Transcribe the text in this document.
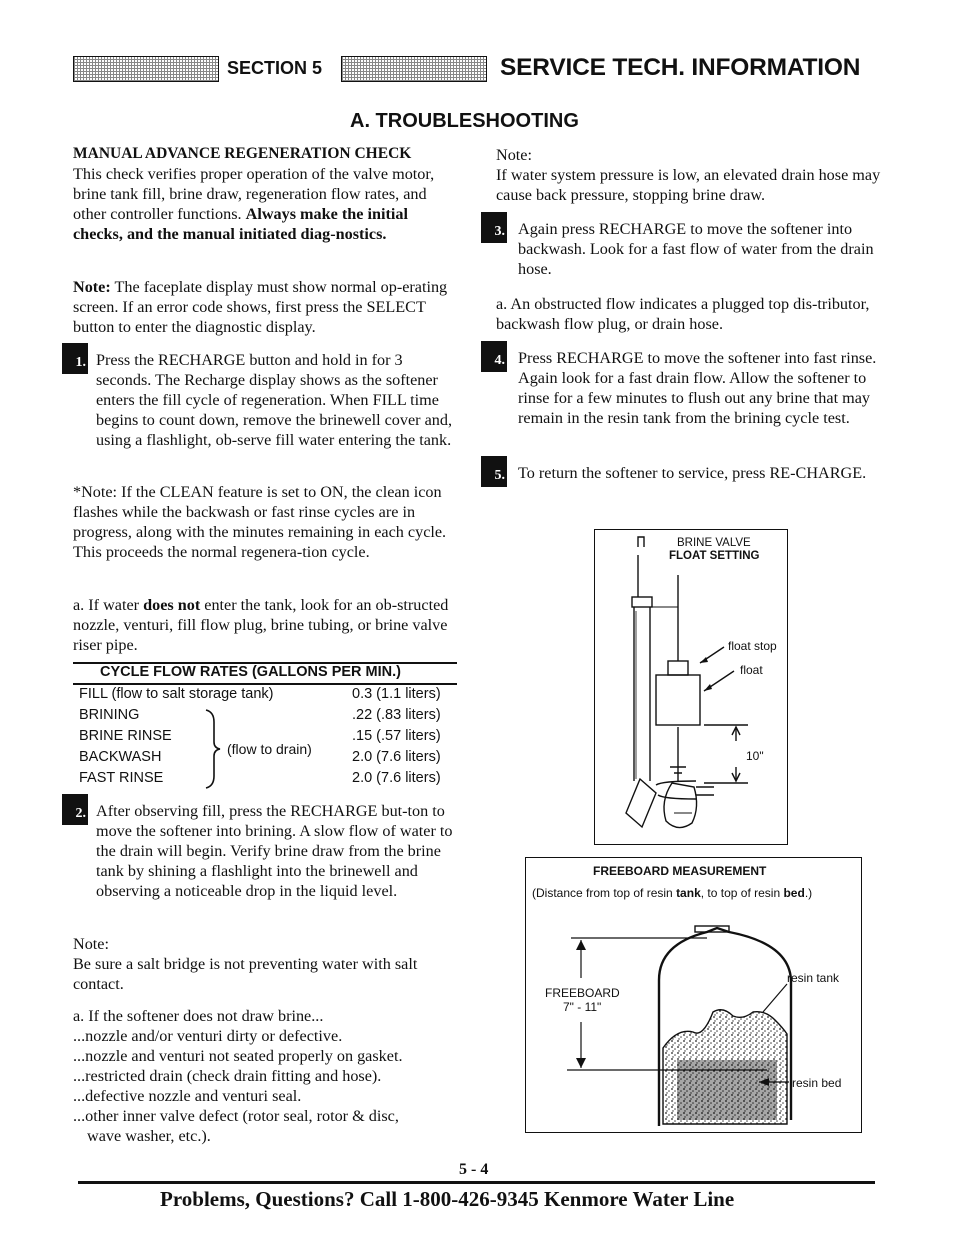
SECTION 5	SERVICE TECH. INFORMATION
A. TROUBLESHOOTING
MANUAL ADVANCE REGENERATION CHECK
This check verifies proper operation of the valve motor, brine tank fill, brine draw, regeneration flow rates, and other controller functions. Always make the initial checks, and the manual initiated diag-nostics.
Note: The faceplate display must show normal op-erating screen. If an error code shows, first press the SELECT button to enter the diagnostic display.
1. Press the RECHARGE button and hold in for 3 seconds. The Recharge display shows as the softener enters the fill cycle of regeneration. When FILL time begins to count down, remove the brinewell cover and, using a flashlight, ob-serve fill water entering the tank.
*Note: If the CLEAN feature is set to ON, the clean icon flashes while the backwash or fast rinse cycles are in progress, along with the minutes remaining in each cycle. This proceeds the normal regenera-tion cycle.
a. If water does not enter the tank, look for an ob-structed nozzle, venturi, fill flow plug, brine tubing, or brine valve riser pipe.
CYCLE FLOW RATES (GALLONS PER MIN.)
FILL (flow to salt storage tank)	0.3 (1.1 liters)
BRINING	.22 (.83 liters)
BRINE RINSE	.15 (.57 liters)
BACKWASH	2.0 (7.6 liters)
FAST RINSE	2.0 (7.6 liters)
(flow to drain)
2. After observing fill, press the RECHARGE but-ton to move the softener into brining. A slow flow of water to the drain will begin. Verify brine draw from the brine tank by shining a flashlight into the brinewell and observing a noticeable drop in the liquid level.
Note:
Be sure a salt bridge is not preventing water with salt contact.
a. If the softener does not draw brine...
...nozzle and/or venturi dirty or defective.
...nozzle and venturi not seated properly on gasket.
...restricted drain (check drain fitting and hose).
...defective nozzle and venturi seal.
...other inner valve defect (rotor seal, rotor & disc,
wave washer, etc.).
Note:
If water system pressure is low, an elevated drain hose may cause back pressure, stopping brine draw.
3. Again press RECHARGE to move the softener into backwash. Look for a fast flow of water from the drain hose.
a. An obstructed flow indicates a plugged top dis-tributor, backwash flow plug, or drain hose.
4. Press RECHARGE to move the softener into fast rinse. Again look for a fast drain flow. Allow the softener to rinse for a few minutes to flush out any brine that may remain in the resin tank from the brining cycle test.
5. To return the softener to service, press RE-CHARGE.
BRINE VALVE
FLOAT SETTING
float stop
float
10"
FREEBOARD MEASUREMENT
(Distance from top of resin tank, to top of resin bed.)
FREEBOARD
7" - 11"
resin tank
resin bed
5 - 4
Problems, Questions? Call 1-800-426-9345 Kenmore Water Line
